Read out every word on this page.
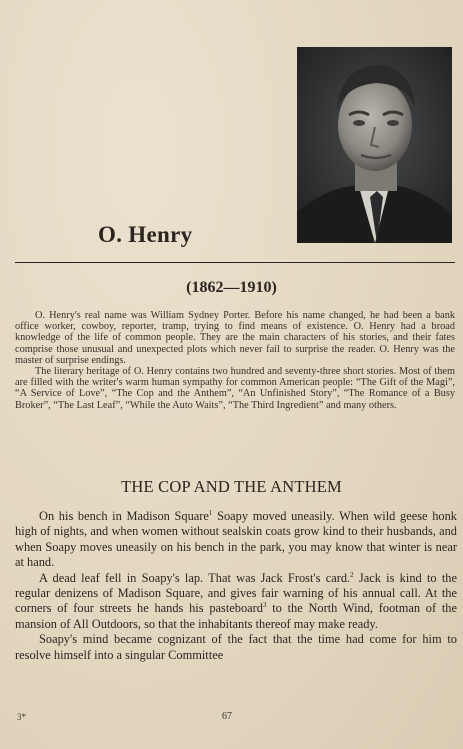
O. Henry

(1862—1910)

O. Henry's real name was William Sydney Porter. Before his name changed, he had been a bank office worker, cowboy, reporter, tramp, trying to find means of existence. O. Henry had a broad knowledge of the life of common people. They are the main characters of his stories, and their fates comprise those unusual and unexpected plots which never fail to surprise the reader. O. Henry was the master of surprise endings.

The literary heritage of O. Henry contains two hundred and seventy-three short stories. Most of them are filled with the writer's warm human sympathy for common American people: “The Gift of the Magi”, “A Service of Love”, “The Cop and the Anthem”, “An Unfinished Story”, “The Romance of a Busy Broker”, “The Last Leaf”, “While the Auto Waits”, “The Third Ingredient” and many others.

THE COP AND THE ANTHEM

On his bench in Madison Square$^1$ Soapy moved uneasily. When wild geese honk high of nights, and when women without sealskin coats grow kind to their husbands, and when Soapy moves uneasily on his bench in the park, you may know that winter is near at hand.

A dead leaf fell in Soapy's lap. That was Jack Frost's card.$^2$ Jack is kind to the regular denizens of Madison Square, and gives fair warning of his annual call. At the corners of four streets he hands his pasteboard$^3$ to the North Wind, footman of the mansion of All Outdoors, so that the inhabitants thereof may make ready.

Soapy's mind became cognizant of the fact that the time had come for him to resolve himself into a singular Committee

3*	67
